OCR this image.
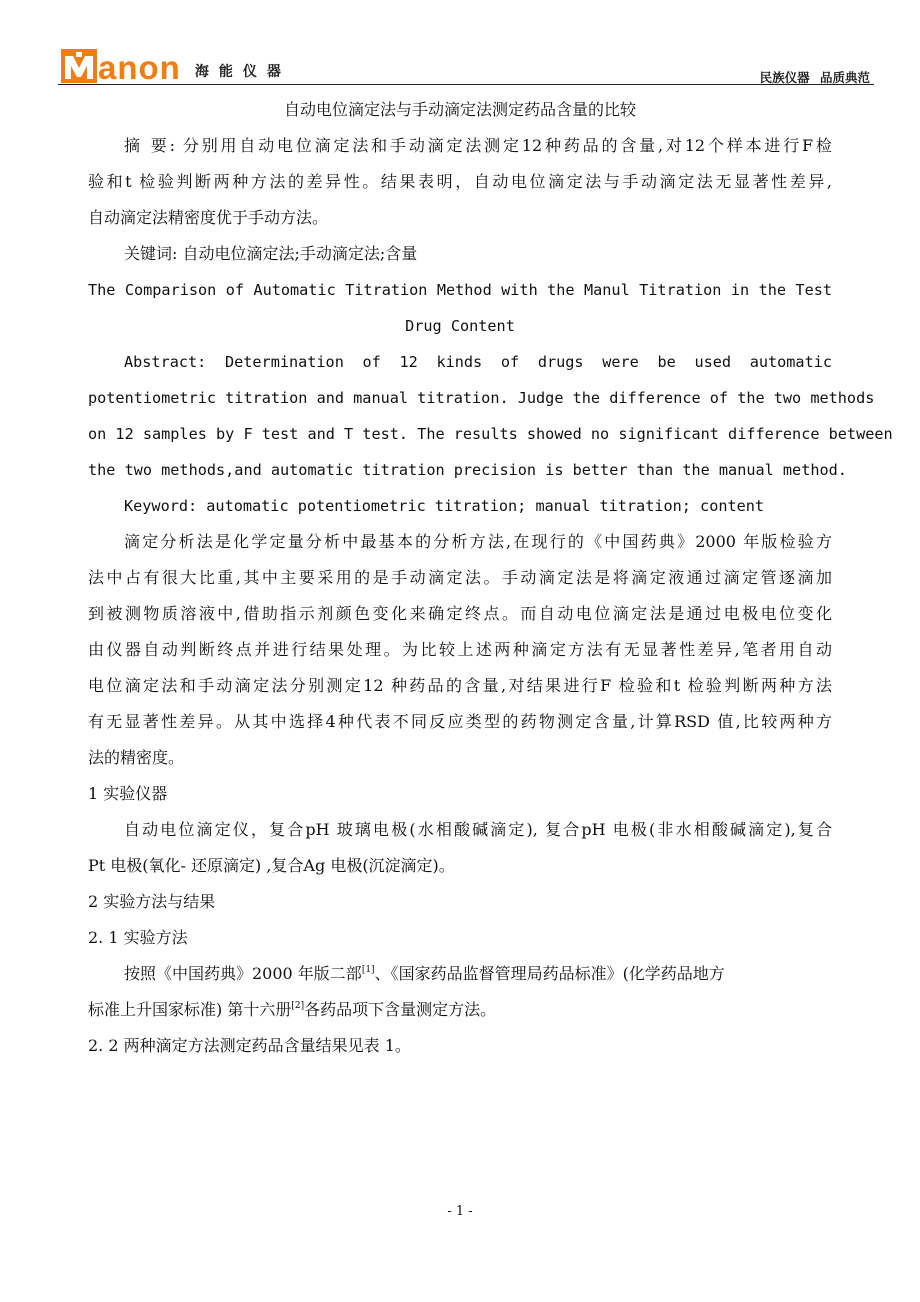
anon 海能仪器	民族仪器 品质典范
自动电位滴定法与手动滴定法测定药品含量的比较
摘 要: 分别用自动电位滴定法和手动滴定法测定12种药品的含量,对12个样本进行F检
验和t 检验判断两种方法的差异性。结果表明，自动电位滴定法与手动滴定法无显著性差异,
自动滴定法精密度优于手动方法。
关键词: 自动电位滴定法;手动滴定法;含量
The Comparison of Automatic Titration Method with the Manul Titration in the Test
Drug Content
Abstract: Determination of 12 kinds of drugs were be used automatic
potentiometric titration and manual titration. Judge the difference of the two methods
on 12 samples by F test and T test. The results showed no significant difference between
the two methods,and automatic titration precision is better than the manual method.
Keyword: automatic potentiometric titration; manual titration; content
滴定分析法是化学定量分析中最基本的分析方法,在现行的《中国药典》2000 年版检验方
法中占有很大比重,其中主要采用的是手动滴定法。手动滴定法是将滴定液通过滴定管逐滴加
到被测物质溶液中,借助指示剂颜色变化来确定终点。而自动电位滴定法是通过电极电位变化
由仪器自动判断终点并进行结果处理。为比较上述两种滴定方法有无显著性差异,笔者用自动
电位滴定法和手动滴定法分别测定12 种药品的含量,对结果进行F 检验和t 检验判断两种方法
有无显著性差异。从其中选择4种代表不同反应类型的药物测定含量,计算RSD 值,比较两种方
法的精密度。
1 实验仪器
自动电位滴定仪，复合pH 玻璃电极(水相酸碱滴定), 复合pH 电极(非水相酸碱滴定),复合
Pt 电极(氧化- 还原滴定) ,复合Ag 电极(沉淀滴定)。
2 实验方法与结果
2. 1 实验方法
按照《中国药典》2000 年版二部[1]、《国家药品监督管理局药品标准》(化学药品地方
标准上升国家标准) 第十六册[2]各药品项下含量测定方法。
2. 2 两种滴定方法测定药品含量结果见表 1。
- 1 -
